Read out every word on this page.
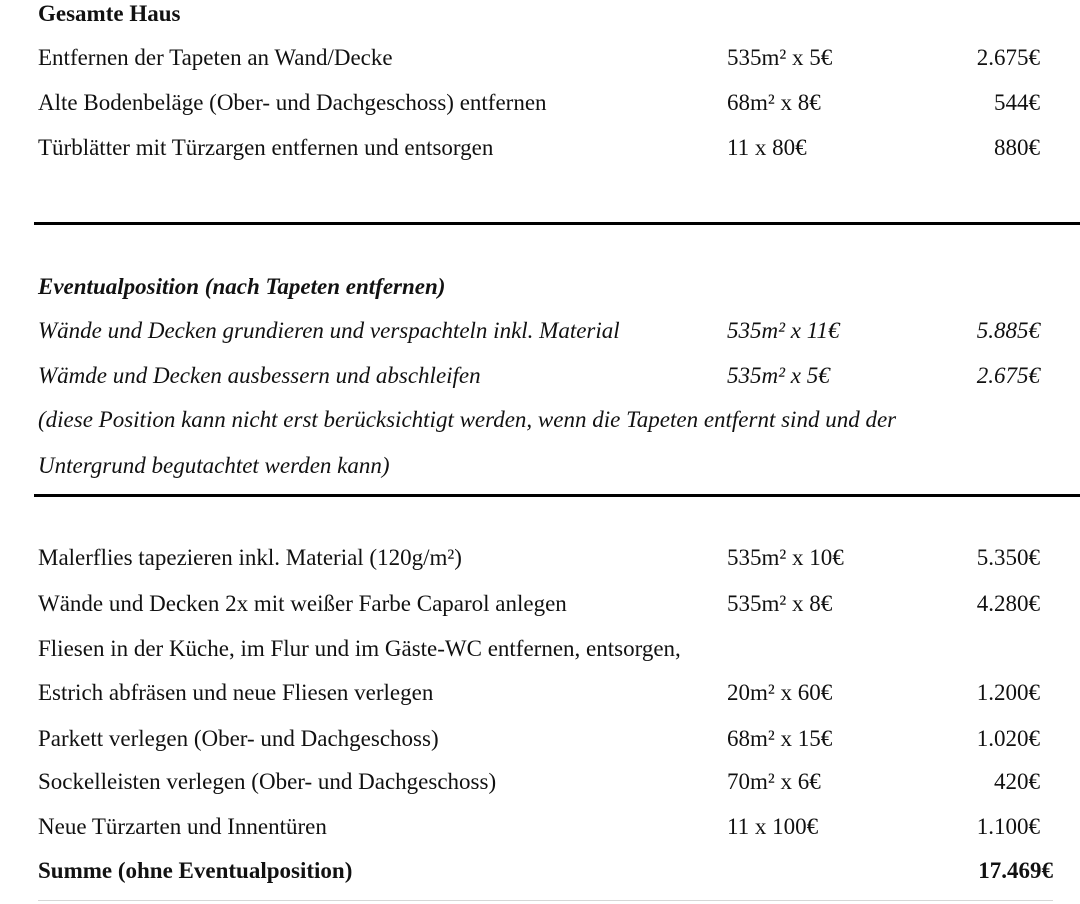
Gesamte Haus
Entfernen der Tapeten an Wand/Decke	535m² x 5€	2.675€
Alte Bodenbeläge (Ober- und Dachgeschoss) entfernen	68m² x 8€	544€
Türblätter mit Türzargen entfernen und entsorgen	11 x 80€	880€
Eventualposition (nach Tapeten entfernen)
Wände und Decken grundieren und verspachteln inkl. Material	535m² x 11€	5.885€
Wämde und Decken ausbessern und abschleifen	535m² x 5€	2.675€
(diese Position kann nicht erst berücksichtigt werden, wenn die Tapeten entfernt sind und der
Untergrund begutachtet werden kann)
Malerflies tapezieren inkl. Material (120g/m²)	535m² x 10€	5.350€
Wände und Decken 2x mit weißer Farbe Caparol anlegen	535m² x 8€	4.280€
Fliesen in der Küche, im Flur und im Gäste-WC entfernen, entsorgen,
Estrich abfräsen und neue Fliesen verlegen	20m² x 60€	1.200€
Parkett verlegen (Ober- und Dachgeschoss)	68m² x 15€	1.020€
Sockelleisten verlegen (Ober- und Dachgeschoss)	70m² x 6€	420€
Neue Türzarten und Innentüren	11 x 100€	1.100€
Summe (ohne Eventualposition)	17.469€
